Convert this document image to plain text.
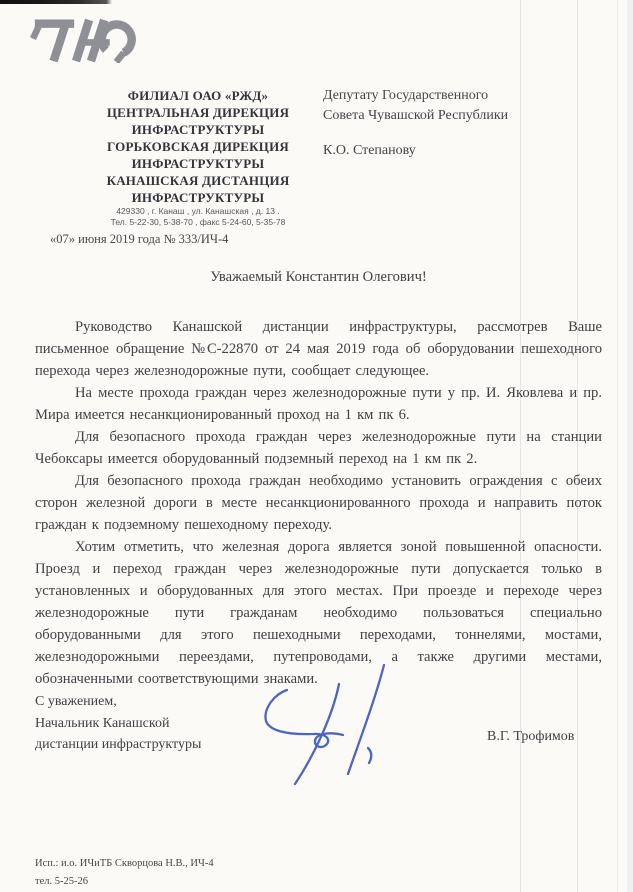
ФИЛИАЛ ОАО «РЖД»
ЦЕНТРАЛЬНАЯ ДИРЕКЦИЯ
ИНФРАСТРУКТУРЫ
ГОРЬКОВСКАЯ ДИРЕКЦИЯ
ИНФРАСТРУКТУРЫ
КАНАШСКАЯ ДИСТАНЦИЯ
ИНФРАСТРУКТУРЫ
429330 , г. Канаш , ул. Канашская , д. 13 .
Тел. 5-22-30, 5-38-70 , факс 5-24-60, 5-35-78
Депутату Государственного
Совета Чувашской Республики
К.О. Степанову
«07» июня 2019 года № 333/ИЧ-4
Уважаемый Константин Олегович!

Руководство Канашской дистанции инфраструктуры, рассмотрев Ваше письменное обращение №С-22870 от 24 мая 2019 года об оборудовании пешеходного перехода через железнодорожные пути, сообщает следующее.

На месте прохода граждан через железнодорожные пути у пр. И. Яковлева и пр. Мира имеется несанкционированный проход на 1 км пк 6.

Для безопасного прохода граждан через железнодорожные пути на станции Чебоксары имеется оборудованный подземный переход на 1 км пк 2.

Для безопасного прохода граждан необходимо установить ограждения с обеих сторон железной дороги в месте несанкционированного прохода и направить поток граждан к подземному пешеходному переходу.

Хотим отметить, что железная дорога является зоной повышенной опасности. Проезд и переход граждан через железнодорожные пути допускается только в установленных и оборудованных для этого местах. При проезде и переходе через железнодорожные пути гражданам необходимо пользоваться специально оборудованными для этого пешеходными переходами, тоннелями, мостами, железнодорожными переездами, путепроводами, а также другими местами, обозначенными соответствующими знаками.

С уважением,
Начальник Канашской
дистанции инфраструктуры
В.Г. Трофимов
Исп.: и.о. ИЧиТБ Скворцова Н.В., ИЧ-4
тел. 5-25-26
